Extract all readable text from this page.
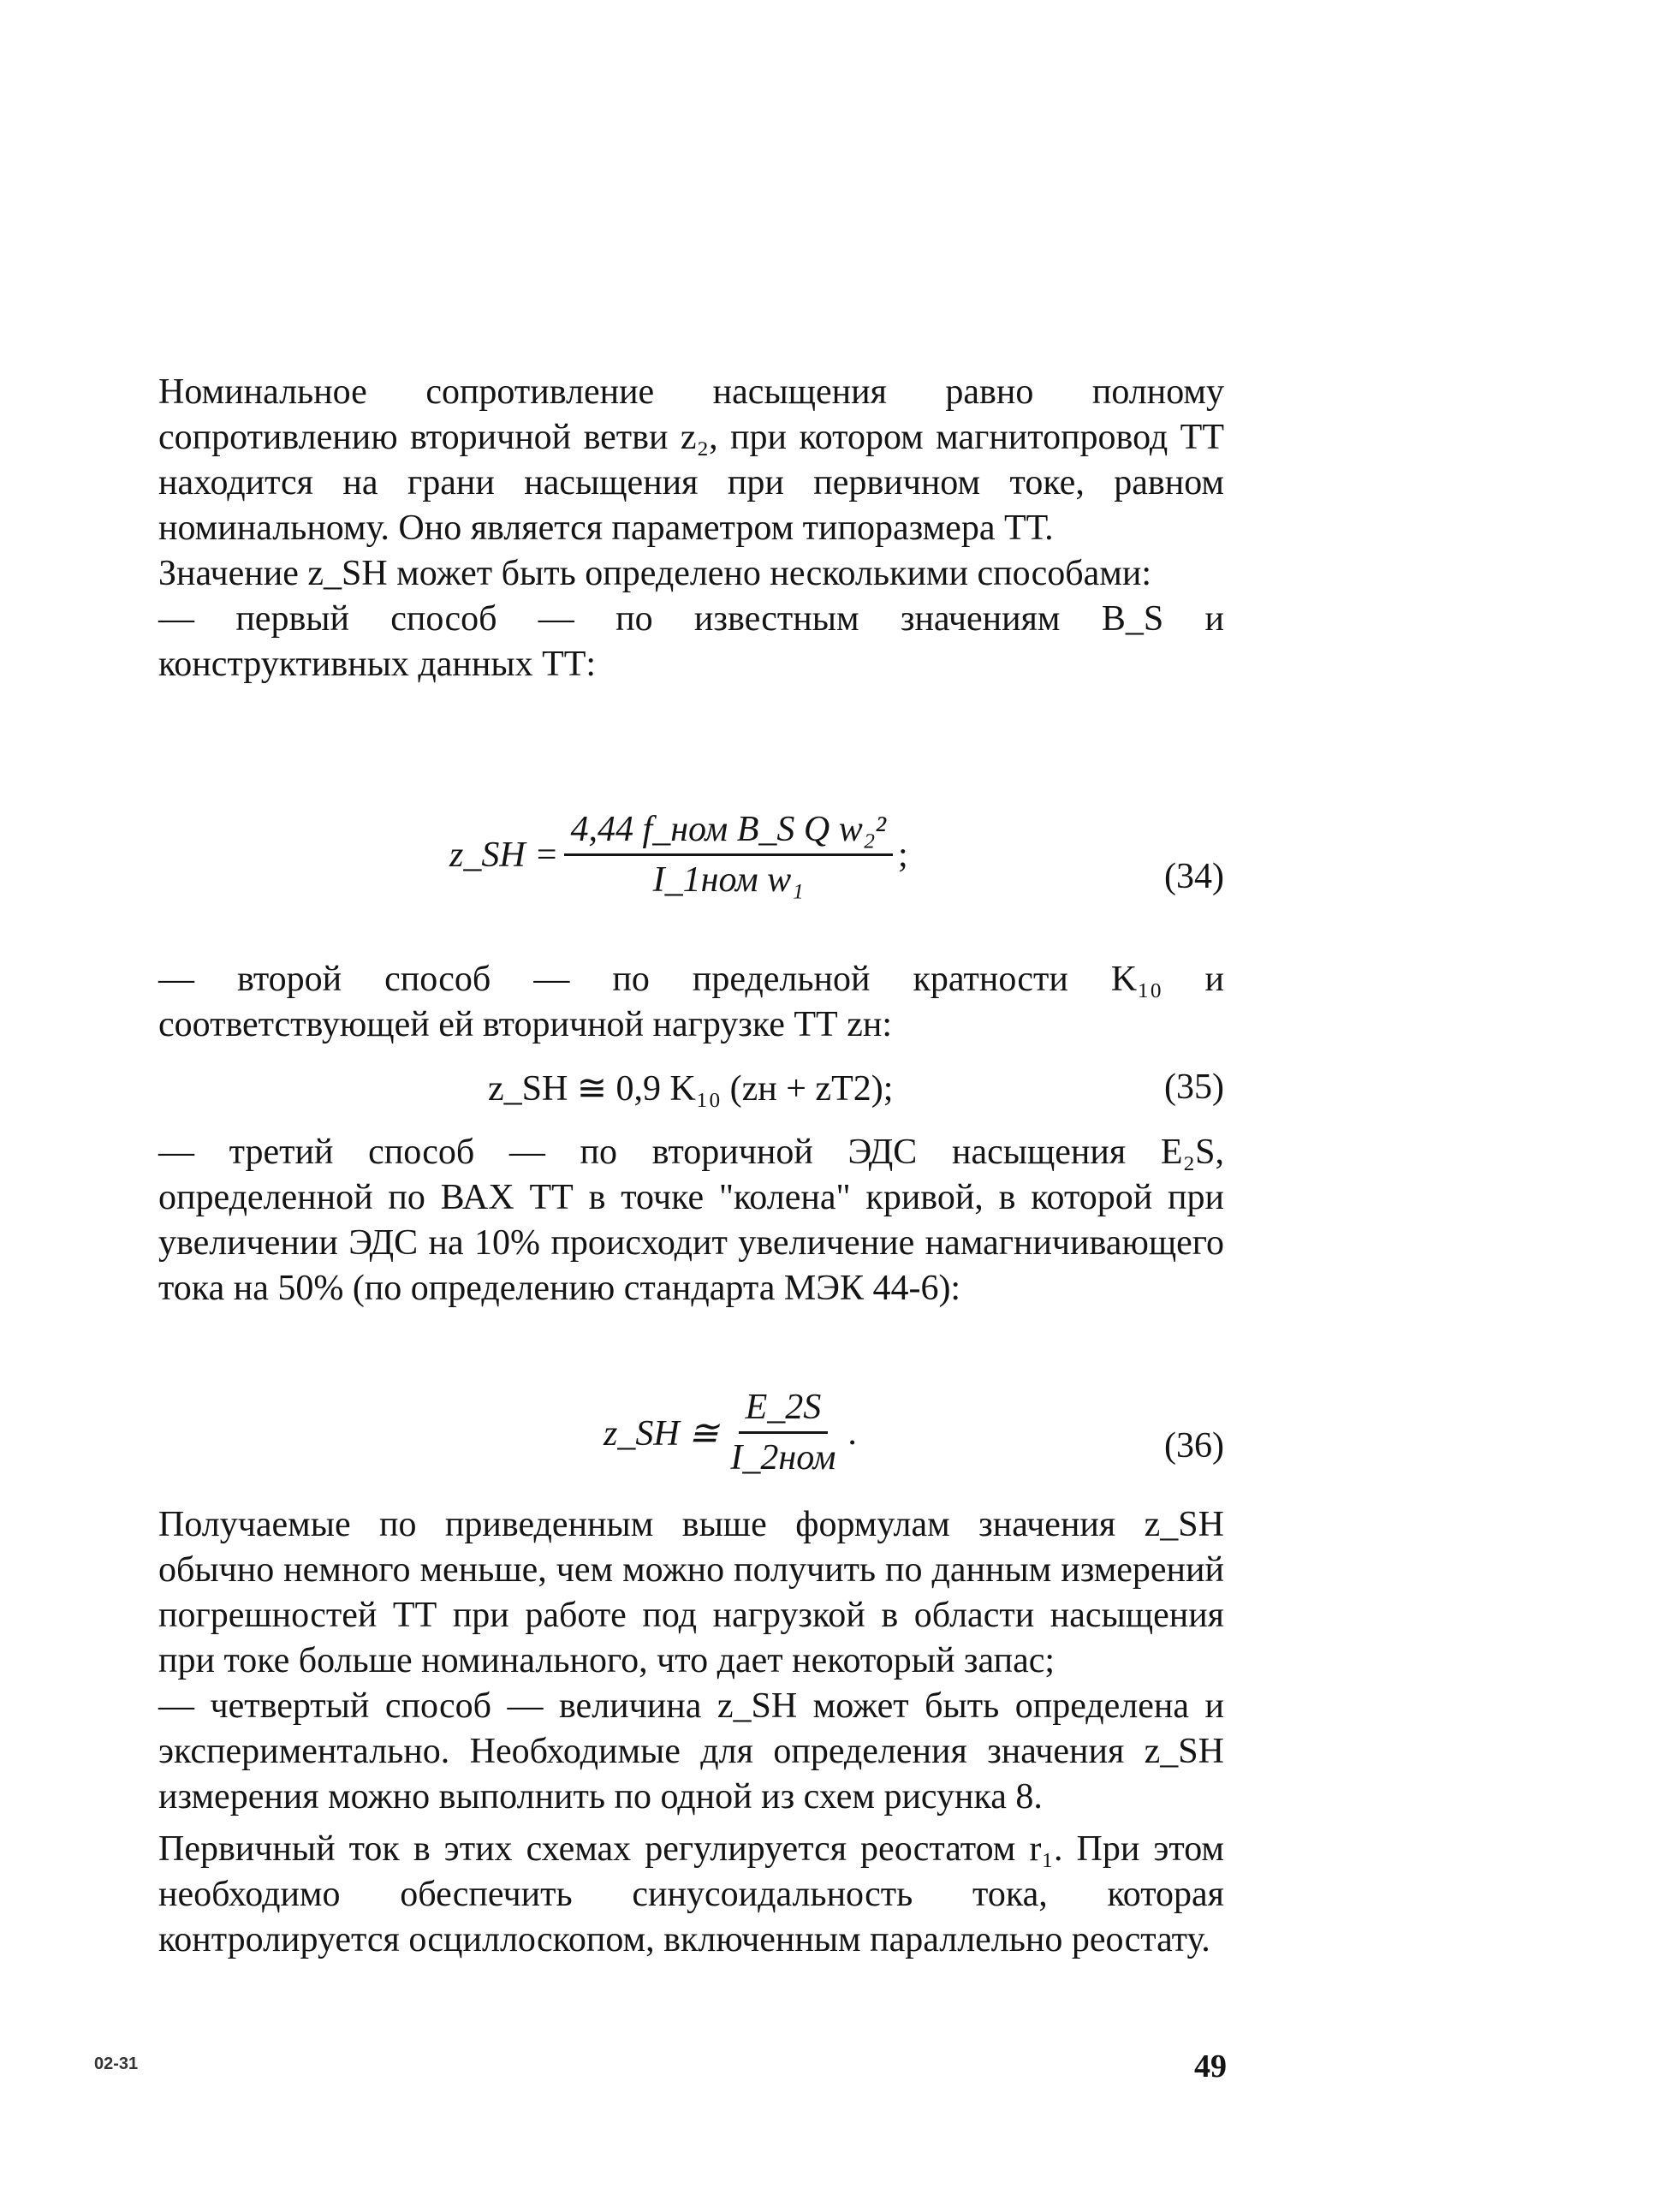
Номинальное сопротивление насыщения равно полному сопротивлению вторичной ветви z₂, при котором магнитопровод ТТ находится на грани насыщения при первичном токе, равном номинальному. Оно является параметром типоразмера ТТ.

Значение z_SH может быть определено несколькими способами:

— первый способ — по известным значениям B_S и конструктивных данных ТТ:

z_SH = $\frac{\text{4,44 f\_ном B\_S Q w₂²}}{\text{I\_1ном w₁}}$ ;
(34)

— второй способ — по предельной кратности K₁₀ и соответствующей ей вторичной нагрузке ТТ zн:

z_SH ≅ 0,9 K₁₀ (zн + zТ2);	(35)

— третий способ — по вторичной ЭДС насыщения E₂S, определенной по ВАХ ТТ в точке "колена" кривой, в которой при увеличении ЭДС на 10% происходит увеличение намагничивающего тока на 50% (по определению стандарта МЭК 44-6):

z_SH ≅ $\frac{E\_2S}{\text{I\_2ном}}$ .	(36)

Получаемые по приведенным выше формулам значения z_SH обычно немного меньше, чем можно получить по данным измерений погрешностей ТТ при работе под нагрузкой в области насыщения при токе больше номинального, что дает некоторый запас;

— четвертый способ — величина z_SH может быть определена и экспериментально. Необходимые для определения значения z_SH измерения можно выполнить по одной из схем рисунка 8.

Первичный ток в этих схемах регулируется реостатом r₁. При этом необходимо обеспечить синусоидальность тока, которая контролируется осциллоскопом, включенным параллельно реостату.

02-31	49
